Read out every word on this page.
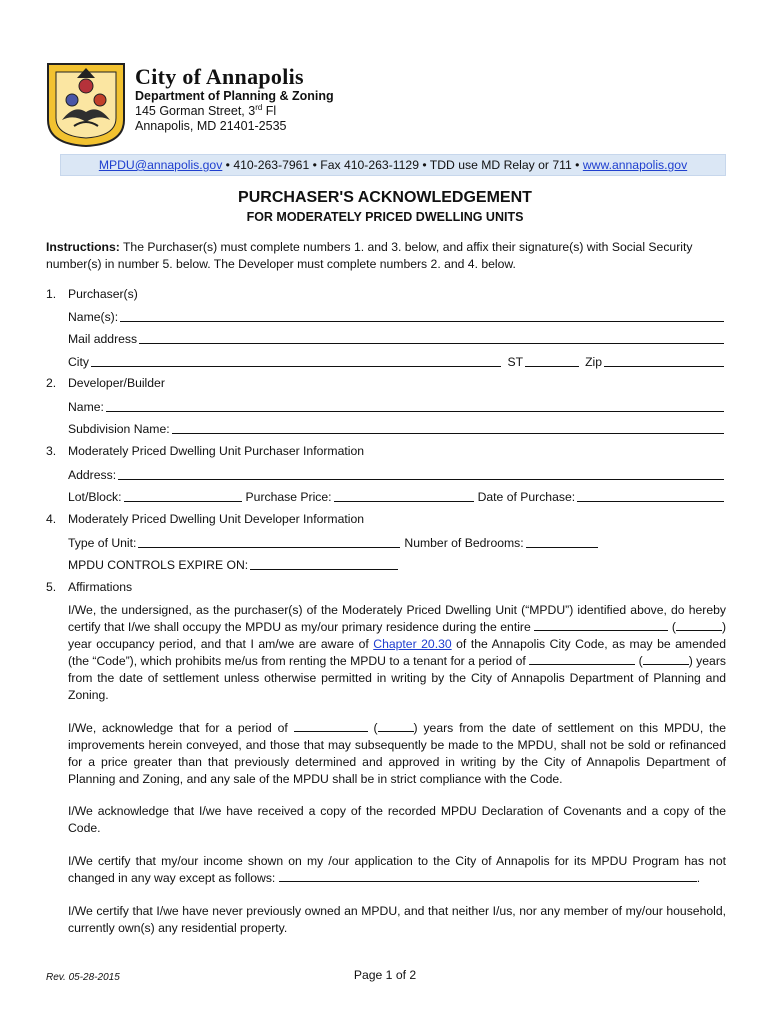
City of Annapolis
Department of Planning & Zoning
145 Gorman Street, 3rd Fl
Annapolis, MD 21401-2535
MPDU@annapolis.gov • 410-263-7961 • Fax 410-263-1129 • TDD use MD Relay or 711 • www.annapolis.gov
PURCHASER'S ACKNOWLEDGEMENT
FOR MODERATELY PRICED DWELLING UNITS
Instructions: The Purchaser(s) must complete numbers 1. and 3. below, and affix their signature(s) with Social Security number(s) in number 5. below. The Developer must complete numbers 2. and 4. below.
1. Purchaser(s)
Name(s):
Mail address
City	ST	Zip
2. Developer/Builder
Name:
Subdivision Name:
3. Moderately Priced Dwelling Unit Purchaser Information
Address:
Lot/Block:	Purchase Price:	Date of Purchase:
4. Moderately Priced Dwelling Unit Developer Information
Type of Unit:	Number of Bedrooms:
MPDU CONTROLS EXPIRE ON:
5. Affirmations
I/We, the undersigned, as the purchaser(s) of the Moderately Priced Dwelling Unit (“MPDU”) identified above, do hereby certify that I/we shall occupy the MPDU as my/our primary residence during the entire	(	) year occupancy period, and that I am/we are aware of Chapter 20.30 of the Annapolis City Code, as may be amended (the “Code”), which prohibits me/us from renting the MPDU to a tenant for a period of	(	) years from the date of settlement unless otherwise permitted in writing by the City of Annapolis Department of Planning and Zoning.
I/We, acknowledge that for a period of	(	) years from the date of settlement on this MPDU, the improvements herein conveyed, and those that may subsequently be made to the MPDU, shall not be sold or refinanced for a price greater than that previously determined and approved in writing by the City of Annapolis Department of Planning and Zoning, and any sale of the MPDU shall be in strict compliance with the Code.
I/We acknowledge that I/we have received a copy of the recorded MPDU Declaration of Covenants and a copy of the Code.
I/We certify that my/our income shown on my /our application to the City of Annapolis for its MPDU Program has not changed in any way except as follows:	.
I/We certify that I/we have never previously owned an MPDU, and that neither I/us, nor any member of my/our household, currently own(s) any residential property.
Rev. 05-28-2015	Page 1 of 2
